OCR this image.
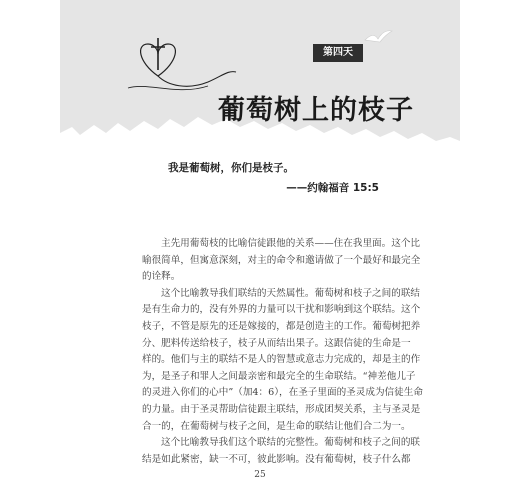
第四天
葡萄树上的枝子
我是葡萄树，你们是枝子。
——约翰福音 15:5

主先用葡萄枝的比喻信徒跟他的关系——住在我里面。这个比

喻很简单，但寓意深刻，对主的命令和邀请做了一个最好和最完全

的诠释。

这个比喻教导我们联结的天然属性。葡萄树和枝子之间的联结

是有生命力的，没有外界的力量可以干扰和影响到这个联结。这个

枝子，不管是原先的还是嫁接的，都是创造主的工作。葡萄树把养

分、肥料传送给枝子，枝子从而结出果子。这跟信徒的生命是一

样的。他们与主的联结不是人的智慧或意志力完成的，却是主的作

为，是圣子和罪人之间最亲密和最完全的生命联结。“神差他儿子

的灵进入你们的心中”（加4：6），在圣子里面的圣灵成为信徒生命

的力量。由于圣灵帮助信徒跟主联结，形成团契关系，主与圣灵是

合一的，在葡萄树与枝子之间，是生命的联结让他们合二为一。

这个比喻教导我们这个联结的完整性。葡萄树和枝子之间的联

结是如此紧密，缺一不可，彼此影响。没有葡萄树，枝子什么都

25
